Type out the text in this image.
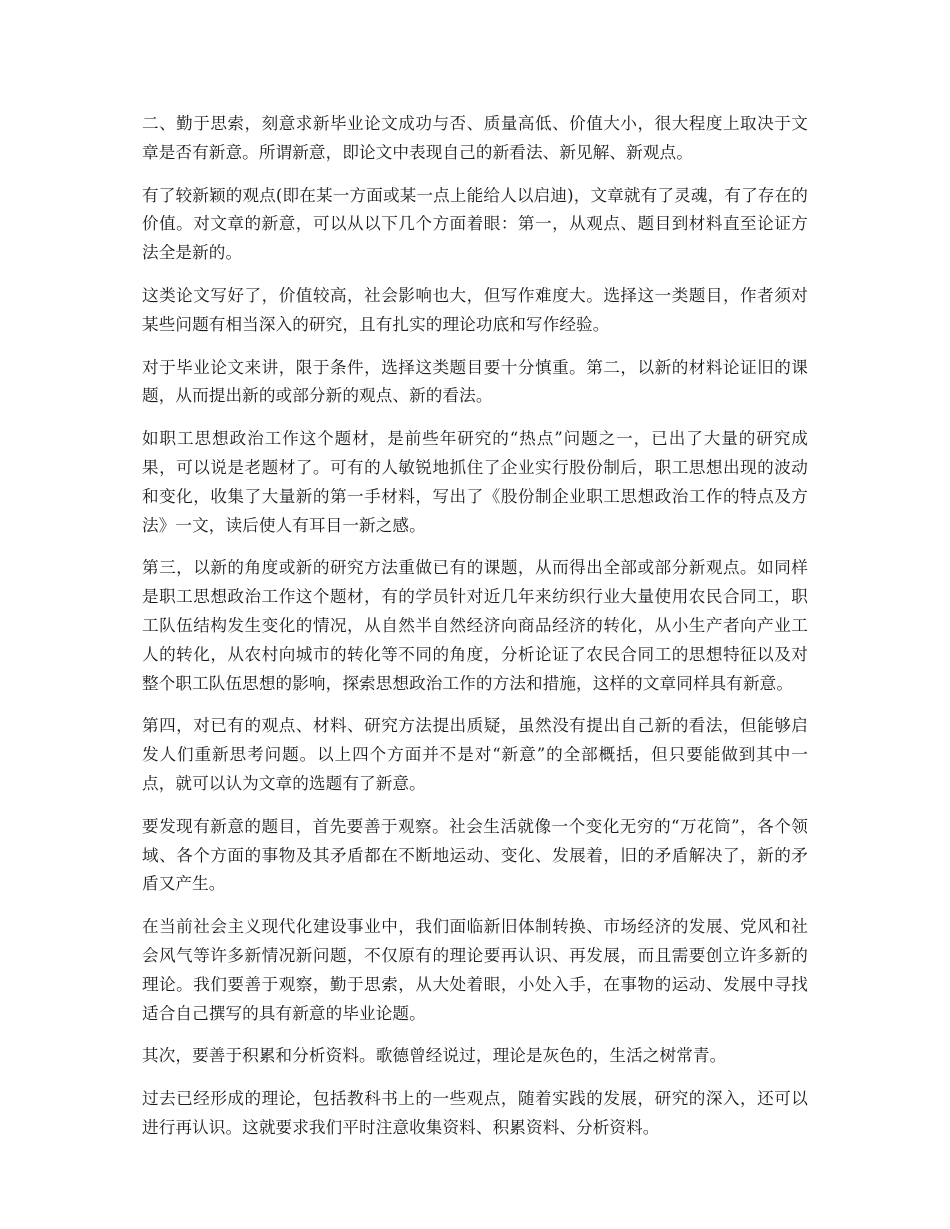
二、勤于思索，刻意求新毕业论文成功与否、质量高低、价值大小，很大程度上取决于文章是否有新意。所谓新意，即论文中表现自己的新看法、新见解、新观点。

有了较新颖的观点(即在某一方面或某一点上能给人以启迪)，文章就有了灵魂，有了存在的价值。对文章的新意，可以从以下几个方面着眼：第一，从观点、题目到材料直至论证方法全是新的。

这类论文写好了，价值较高，社会影响也大，但写作难度大。选择这一类题目，作者须对某些问题有相当深入的研究，且有扎实的理论功底和写作经验。

对于毕业论文来讲，限于条件，选择这类题目要十分慎重。第二，以新的材料论证旧的课题，从而提出新的或部分新的观点、新的看法。

如职工思想政治工作这个题材，是前些年研究的“热点”问题之一，已出了大量的研究成果，可以说是老题材了。可有的人敏锐地抓住了企业实行股份制后，职工思想出现的波动和变化，收集了大量新的第一手材料，写出了《股份制企业职工思想政治工作的特点及方法》一文，读后使人有耳目一新之感。

第三，以新的角度或新的研究方法重做已有的课题，从而得出全部或部分新观点。如同样是职工思想政治工作这个题材，有的学员针对近几年来纺织行业大量使用农民合同工，职工队伍结构发生变化的情况，从自然半自然经济向商品经济的转化，从小生产者向产业工人的转化，从农村向城市的转化等不同的角度，分析论证了农民合同工的思想特征以及对整个职工队伍思想的影响，探索思想政治工作的方法和措施，这样的文章同样具有新意。

第四，对已有的观点、材料、研究方法提出质疑，虽然没有提出自己新的看法，但能够启发人们重新思考问题。以上四个方面并不是对“新意”的全部概括，但只要能做到其中一点，就可以认为文章的选题有了新意。

要发现有新意的题目，首先要善于观察。社会生活就像一个变化无穷的“万花筒”，各个领域、各个方面的事物及其矛盾都在不断地运动、变化、发展着，旧的矛盾解决了，新的矛盾又产生。

在当前社会主义现代化建设事业中，我们面临新旧体制转换、市场经济的发展、党风和社会风气等许多新情况新问题，不仅原有的理论要再认识、再发展，而且需要创立许多新的理论。我们要善于观察，勤于思索，从大处着眼，小处入手，在事物的运动、发展中寻找适合自己撰写的具有新意的毕业论题。

其次，要善于积累和分析资料。歌德曾经说过，理论是灰色的，生活之树常青。

过去已经形成的理论，包括教科书上的一些观点，随着实践的发展，研究的深入，还可以进行再认识。这就要求我们平时注意收集资料、积累资料、分析资料。
